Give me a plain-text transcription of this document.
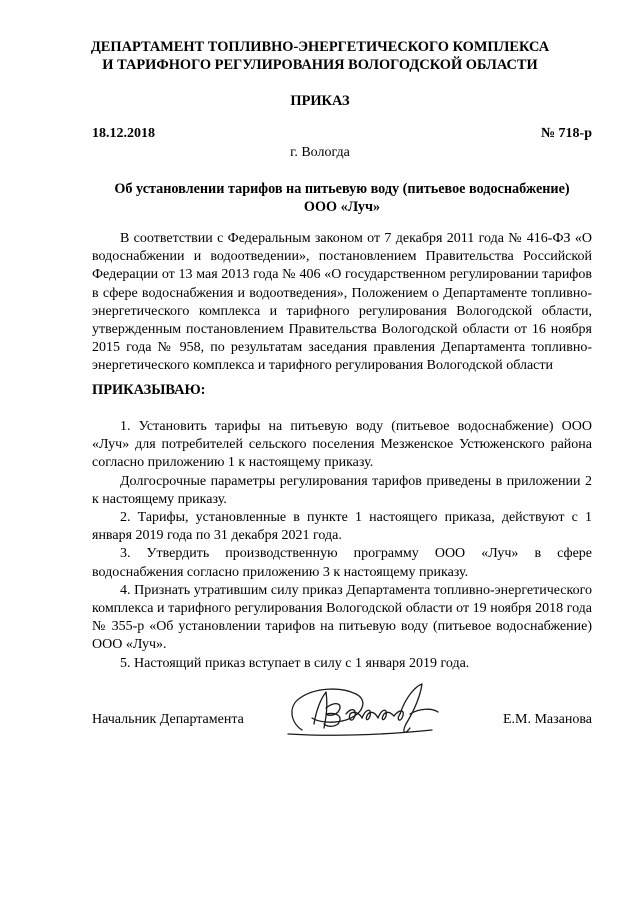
ДЕПАРТАМЕНТ ТОПЛИВНО-ЭНЕРГЕТИЧЕСКОГО КОМПЛЕКСА
И ТАРИФНОГО РЕГУЛИРОВАНИЯ ВОЛОГОДСКОЙ ОБЛАСТИ
ПРИКАЗ
18.12.2018	№ 718-р
г. Вологда
Об установлении тарифов на питьевую воду (питьевое водоснабжение)
ООО «Луч»

В соответствии с Федеральным законом от 7 декабря 2011 года № 416-ФЗ «О водоснабжении и водоотведении», постановлением Правительства Российской Федерации от 13 мая 2013 года № 406 «О государственном регулировании тарифов в сфере водоснабжения и водоотведения», Положением о Департаменте топливно-энергетического комплекса и тарифного регулирования Вологодской области, утвержденным постановлением Правительства Вологодской области от 16 ноября 2015 года № 958, по результатам заседания правления Департамента топливно-энергетического комплекса и тарифного регулирования Вологодской области

ПРИКАЗЫВАЮ:

1. Установить тарифы на питьевую воду (питьевое водоснабжение) ООО «Луч» для потребителей сельского поселения Мезженское Устюженского района согласно приложению 1 к настоящему приказу.

Долгосрочные параметры регулирования тарифов приведены в приложении 2 к настоящему приказу.

2. Тарифы, установленные в пункте 1 настоящего приказа, действуют с 1 января 2019 года по 31 декабря 2021 года.

3. Утвердить производственную программу ООО «Луч» в сфере водоснабжения согласно приложению 3 к настоящему приказу.

4. Признать утратившим силу приказ Департамента топливно-энергетического комплекса и тарифного регулирования Вологодской области от 19 ноября 2018 года № 355-р «Об установлении тарифов на питьевую воду (питьевое водоснабжение) ООО «Луч».

5. Настоящий приказ вступает в силу с 1 января 2019 года.

Начальник Департамента	Е.М. Мазанова
